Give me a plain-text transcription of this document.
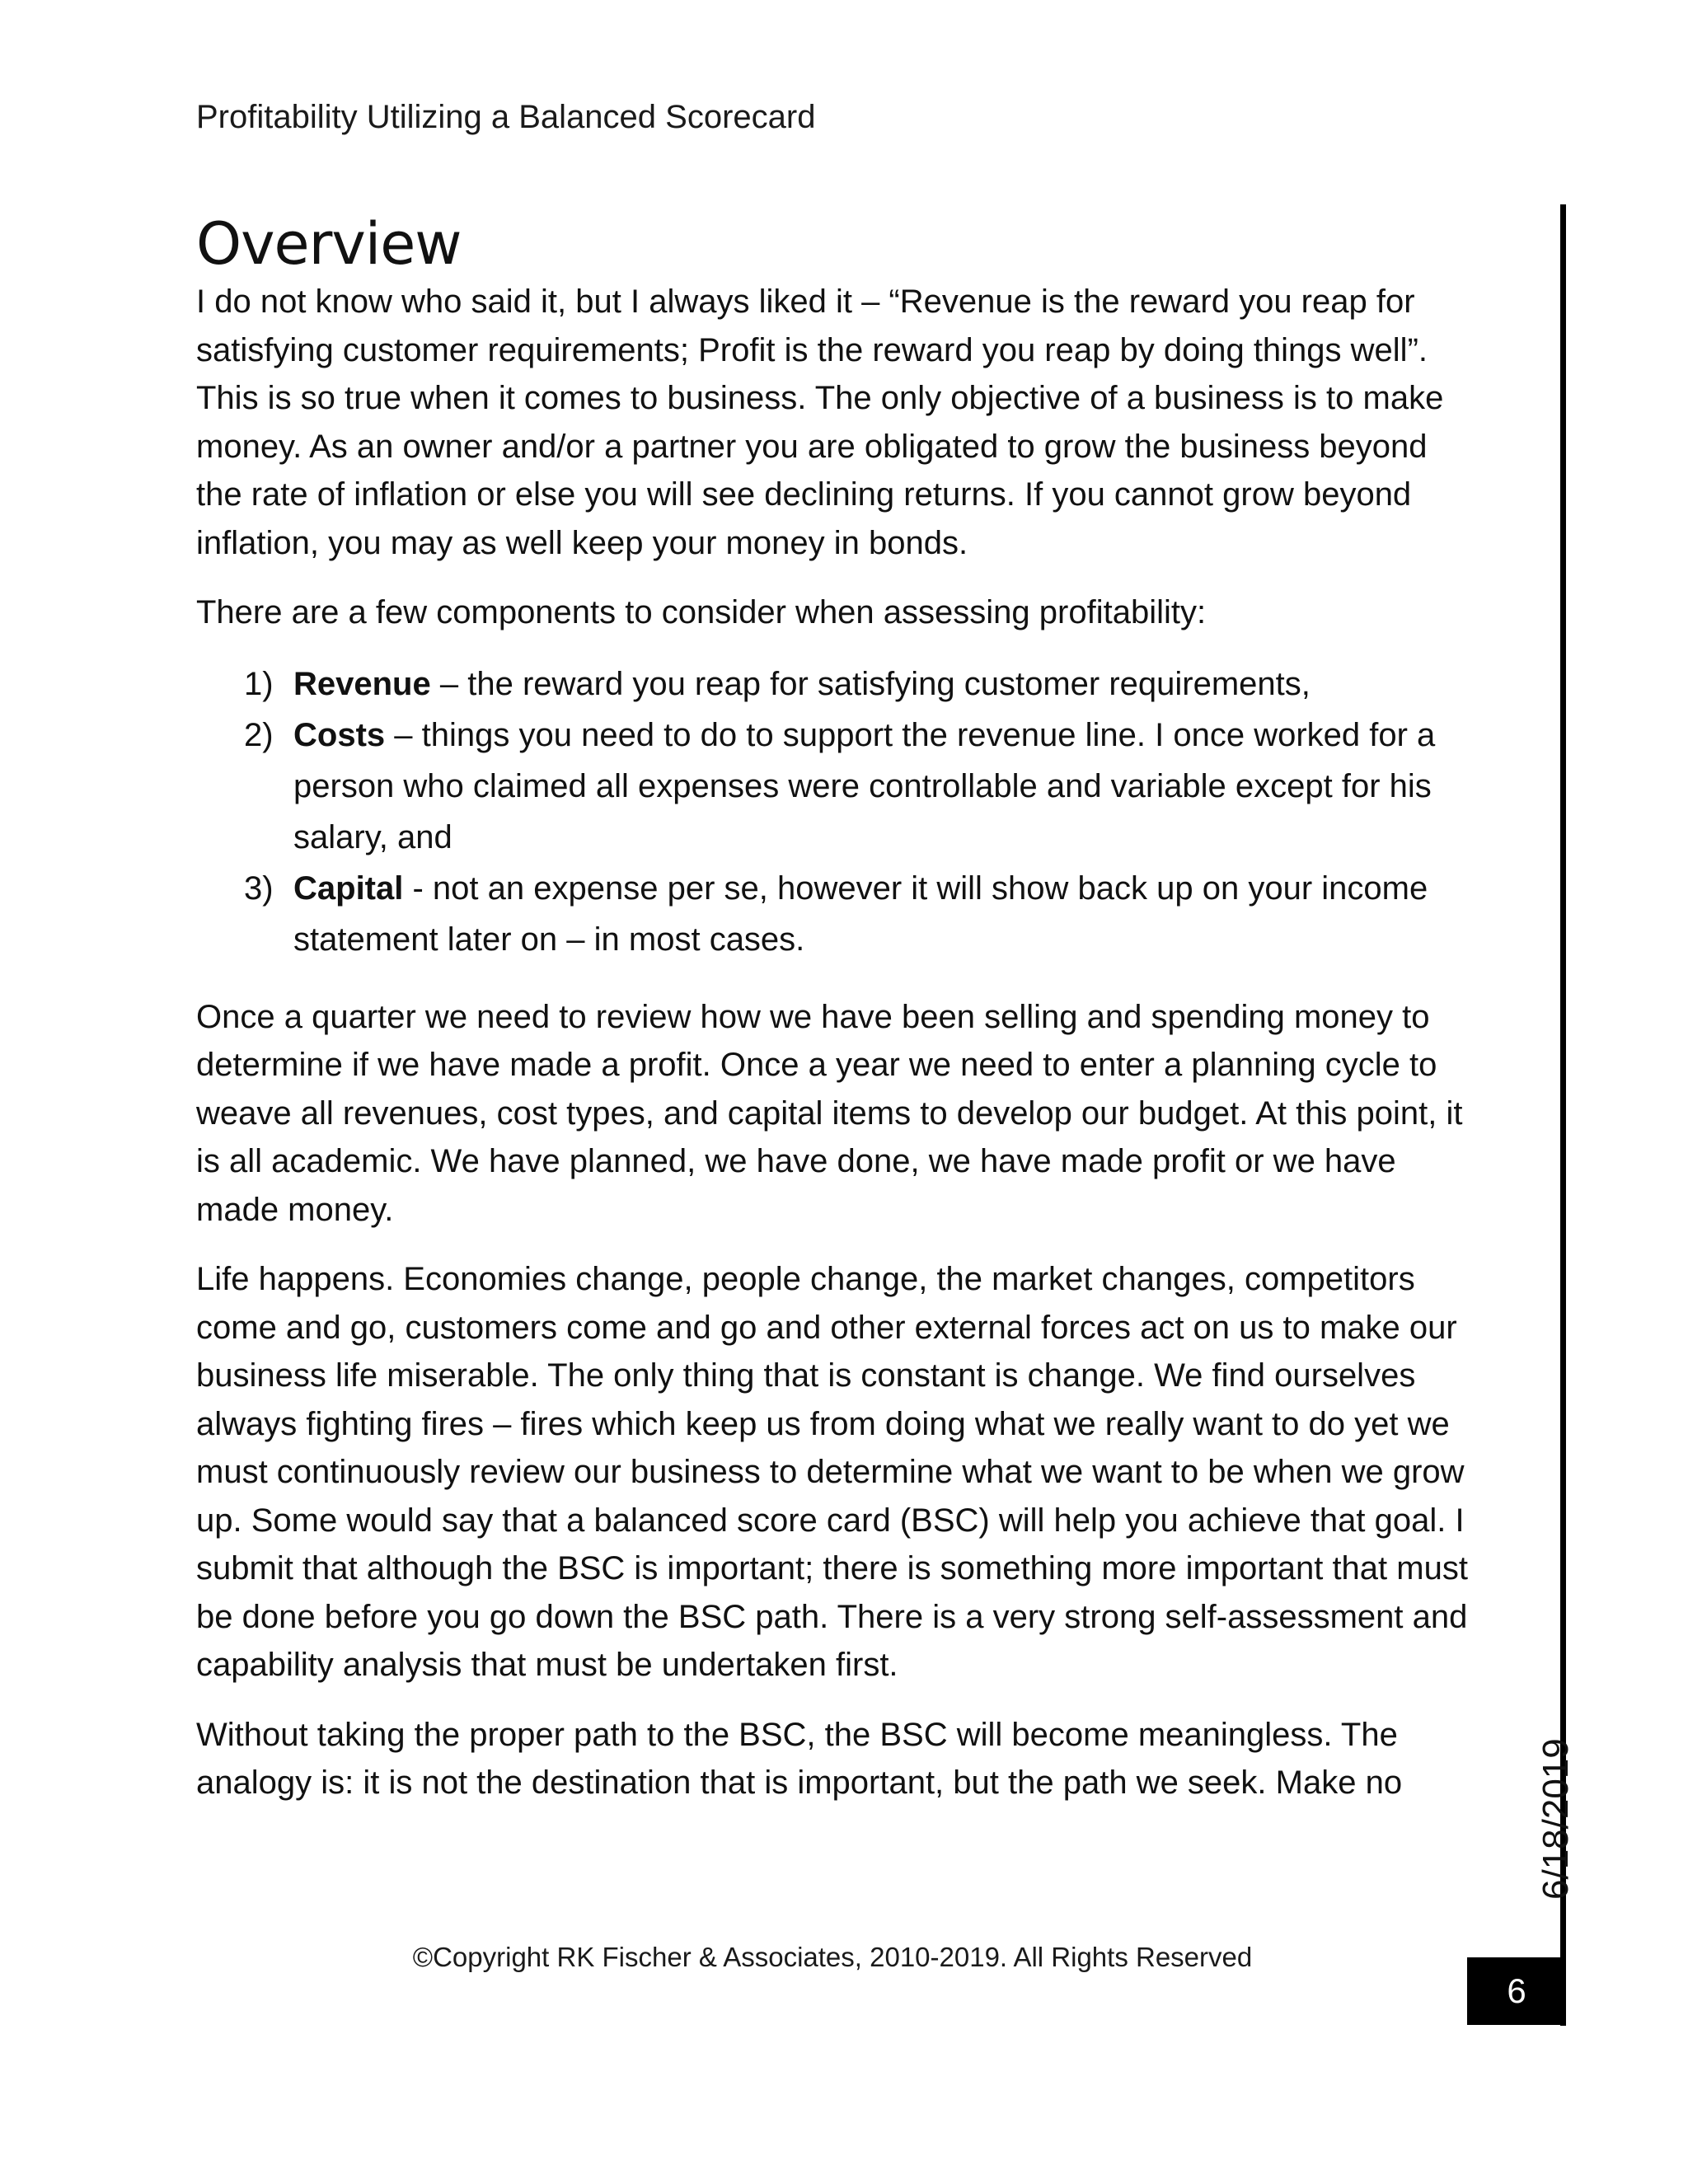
Profitability Utilizing a Balanced Scorecard
Overview

I do not know who said it, but I always liked it – “Revenue is the reward you reap for satisfying customer requirements; Profit is the reward you reap by doing things well”. This is so true when it comes to business. The only objective of a business is to make money. As an owner and/or a partner you are obligated to grow the business beyond the rate of inflation or else you will see declining returns. If you cannot grow beyond inflation, you may as well keep your money in bonds.

There are a few components to consider when assessing profitability:

1) Revenue – the reward you reap for satisfying customer requirements,
2) Costs – things you need to do to support the revenue line. I once worked for a person who claimed all expenses were controllable and variable except for his salary, and
3) Capital - not an expense per se, however it will show back up on your income statement later on – in most cases.

Once a quarter we need to review how we have been selling and spending money to determine if we have made a profit. Once a year we need to enter a planning cycle to weave all revenues, cost types, and capital items to develop our budget. At this point, it is all academic. We have planned, we have done, we have made profit or we have made money.

Life happens. Economies change, people change, the market changes, competitors come and go, customers come and go and other external forces act on us to make our business life miserable. The only thing that is constant is change. We find ourselves always fighting fires – fires which keep us from doing what we really want to do yet we must continuously review our business to determine what we want to be when we grow up. Some would say that a balanced score card (BSC) will help you achieve that goal. I submit that although the BSC is important; there is something more important that must be done before you go down the BSC path. There is a very strong self-assessment and capability analysis that must be undertaken first.

Without taking the proper path to the BSC, the BSC will become meaningless. The analogy is: it is not the destination that is important, but the path we seek. Make no	6/18/2019
©Copyright RK Fischer & Associates, 2010-2019. All Rights Reserved
6
